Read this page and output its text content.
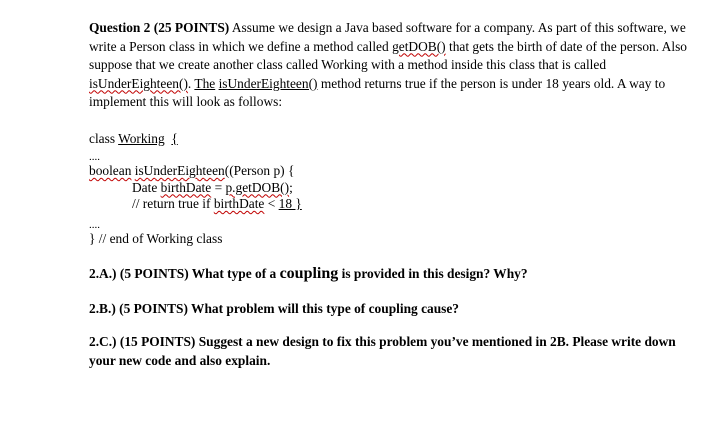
Question 2 (25 POINTS) Assume we design a Java based software for a company. As part of this software, we write a Person class in which we define a method called getDOB() that gets the birth of date of the person. Also suppose that we create another class called Working with a method inside this class that is called isUnderEighteen(). The isUnderEighteen() method returns true if the person is under 18 years old. A way to implement this will look as follows:

class Working {

....

boolean isUnderEighteen((Person p) {

Date birthDate = p.getDOB();

// return true if birthDate < 18 }

....

} // end of Working class

2.A.) (5 POINTS) What type of a coupling is provided in this design? Why?

2.B.) (5 POINTS) What problem will this type of coupling cause?

2.C.) (15 POINTS) Suggest a new design to fix this problem you’ve mentioned in 2B. Please write down your new code and also explain.
